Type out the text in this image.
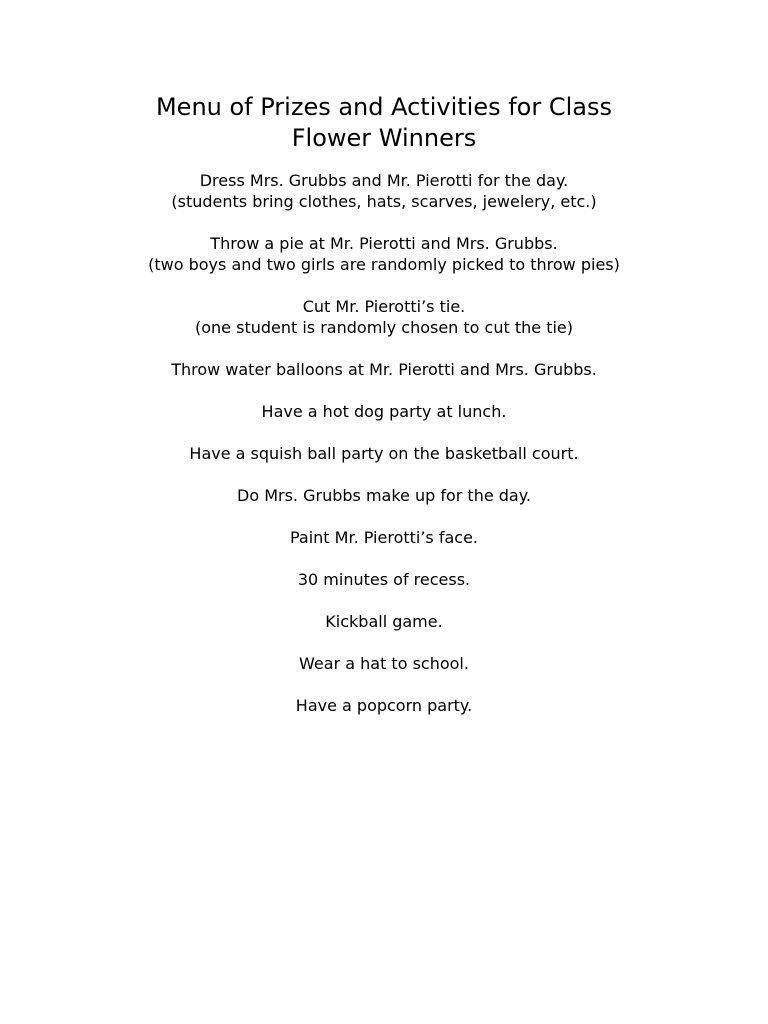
Menu of Prizes and Activities for Class
Flower Winners
Dress Mrs. Grubbs and Mr. Pierotti for the day.
(students bring clothes, hats, scarves, jewelery, etc.)
Throw a pie at Mr. Pierotti and Mrs. Grubbs.
(two boys and two girls are randomly picked to throw pies)
Cut Mr. Pierotti’s tie.
(one student is randomly chosen to cut the tie)
Throw water balloons at Mr. Pierotti and Mrs. Grubbs.
Have a hot dog party at lunch.
Have a squish ball party on the basketball court.
Do Mrs. Grubbs make up for the day.
Paint Mr. Pierotti’s face.
30 minutes of recess.
Kickball game.
Wear a hat to school.
Have a popcorn party.
